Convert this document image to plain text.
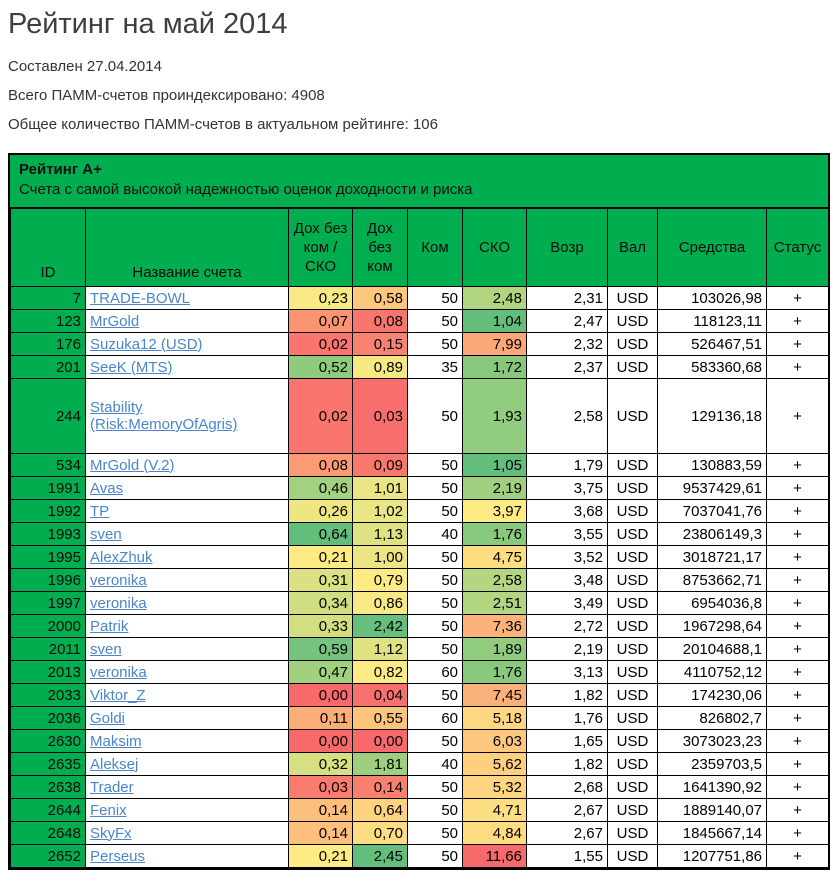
Рейтинг на май 2014

Составлен 27.04.2014

Всего ПАММ-счетов проиндексировано: 4908

Общее количество ПАММ-счетов в актуальном рейтинге: 106

Рейтинг A+
Счета с самой высокой надежностью оценок доходности и риска
ID	Название счета	Дох без ком / СКО	Дох без ком	Ком	СКО	Возр	Вал	Средства	Статус
7	TRADE-BOWL	0,23	0,58	50	2,48	2,31	USD	103026,98	+
123	MrGold	0,07	0,08	50	1,04	2,47	USD	118123,11	+
176	Suzuka12 (USD)	0,02	0,15	50	7,99	2,32	USD	526467,51	+
201	SeeK (MTS)	0,52	0,89	35	1,72	2,37	USD	583360,68	+
244	Stability (Risk:MemoryOfAgris)	0,02	0,03	50	1,93	2,58	USD	129136,18	+
534	MrGold (V.2)	0,08	0,09	50	1,05	1,79	USD	130883,59	+
1991	Avas	0,46	1,01	50	2,19	3,75	USD	9537429,61	+
1992	TP	0,26	1,02	50	3,97	3,68	USD	7037041,76	+
1993	sven	0,64	1,13	40	1,76	3,55	USD	23806149,3	+
1995	AlexZhuk	0,21	1,00	50	4,75	3,52	USD	3018721,17	+
1996	veronika	0,31	0,79	50	2,58	3,48	USD	8753662,71	+
1997	veronika	0,34	0,86	50	2,51	3,49	USD	6954036,8	+
2000	Patrik	0,33	2,42	50	7,36	2,72	USD	1967298,64	+
2011	sven	0,59	1,12	50	1,89	2,19	USD	20104688,1	+
2013	veronika	0,47	0,82	60	1,76	3,13	USD	4110752,12	+
2033	Viktor_Z	0,00	0,04	50	7,45	1,82	USD	174230,06	+
2036	Goldi	0,11	0,55	60	5,18	1,76	USD	826802,7	+
2630	Maksim	0,00	0,00	50	6,03	1,65	USD	3073023,23	+
2635	Aleksej	0,32	1,81	40	5,62	1,82	USD	2359703,5	+
2638	Trader	0,03	0,14	50	5,32	2,68	USD	1641390,92	+
2644	Fenix	0,14	0,64	50	4,71	2,67	USD	1889140,07	+
2648	SkyFx	0,14	0,70	50	4,84	2,67	USD	1845667,14	+
2652	Perseus	0,21	2,45	50	11,66	1,55	USD	1207751,86	+
